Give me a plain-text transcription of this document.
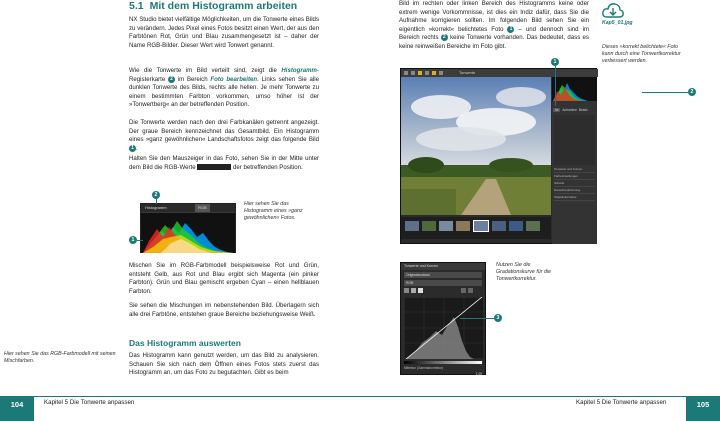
5.1 Mit dem Histogramm arbeiten
NX Studio bietet vielfältige Möglichkeiten, um die Tonwerte eines Bilds zu verändern. Jedes Pixel eines Fotos besitzt einen Wert, der aus den Farbtönen Rot, Grün und Blau zusammengesetzt ist – daher der Name RGB-Bilder. Dieser Wert wird Tonwert genannt.
Wie die Tonwerte im Bild verteilt sind, zeigt die Histogramm-Registerkarte 2 im Bereich Foto bearbeiten. Links sehen Sie alle dunklen Tonwerte des Bilds, rechts alle hellen. Je mehr Tonwerte zu einem bestimmten Farbton vorkommen, umso höher ist der »Tonwertberg« an der betreffenden Position.
Die Tonwerte werden nach den drei Farbkanälen getrennt angezeigt. Der graue Bereich kennzeichnet das Gesamtbild. Ein Histogramm eines »ganz gewöhnlichen« Landschaftsfotos zeigt das folgende Bild 1 .
Halten Sie den Mauszeiger in das Foto, sehen Sie in der Mitte unter dem Bild die RGB-Werte	der betreffenden Position.
Histogramm	RGB
2
1
Hier sehen Sie das Histogramm eines »ganz gewöhnlichen« Fotos.
Hier sehen Sie das RGB-Farbmodell mit seinen Mischfarben.
Mischen Sie im RGB-Farbmodell beispielsweise Rot und Grün, entsteht Gelb, aus Rot und Blau ergibt sich Magenta (ein pinker Farbton). Grün und Blau gemischt ergeben Cyan – einen hellblauen Farbton.
Sie sehen die Mischungen im nebenstehenden Bild. Überlagern sich alle drei Farbtöne, entstehen graue Bereiche beziehungsweise Weiß.
Das Histogramm auswerten
Das Histogramm kann genutzt werden, um das Bild zu analysieren. Schauen Sie sich nach dem Öffnen eines Fotos stets zuerst das Histogramm an, um das Foto zu begutachten. Gibt es beim
104	Kapitel 5 Die Tonwerte anpassen
Bild im rechten oder linken Bereich des Histogramms keine oder extrem wenige Vorkommnisse, ist dies ein Indiz dafür, dass Sie die Aufnahme korrigieren sollten. Im folgenden Bild sehen Sie ein eigentlich »korrekt« belichtetes Foto 1 – und dennoch sind im Bereich rechts 2 keine Tonwerte vorhanden. Das bedeutet, dass es keine reinweißen Bereiche im Foto gibt.
Kap5_01.jpg
Dieses »korrekt belichtete« Foto kann durch eine Tonwertkorrektur verbessert werden.
Tonwerte
Ist	Aufnahme Bearb.
Tonwerte und Kurven
Farbeinstellungen
Schärfe
Rauschreduzierung
Objektivkorrektur
1
2
Tonwerte und Kurven
Originalzustand
RGB
Mittelton (Gammakorrektur)
1,00
3
Nutzen Sie die Gradationskurve für die Tonwertkorrektur.
Kapitel 5 Die Tonwerte anpassen	105
